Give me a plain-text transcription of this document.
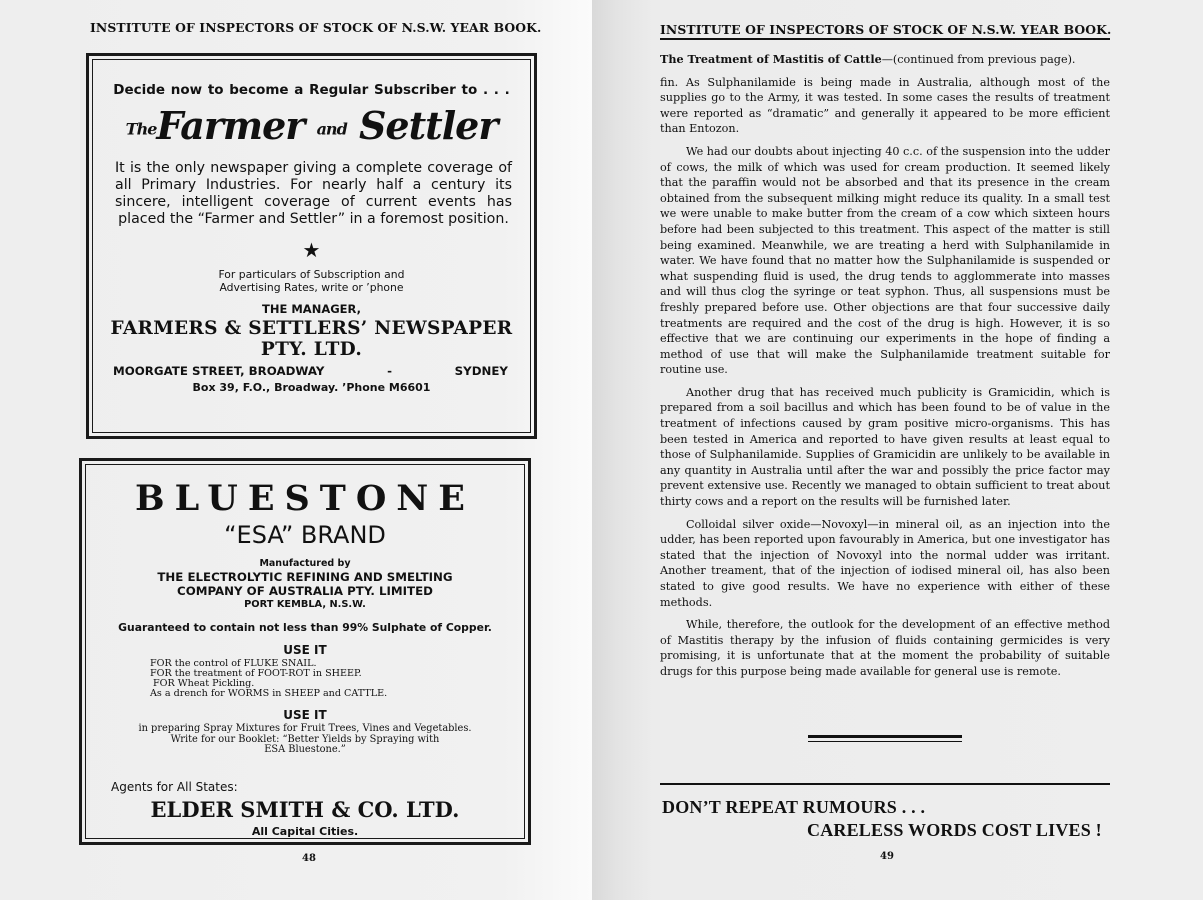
INSTITUTE OF INSPECTORS OF STOCK OF N.S.W. YEAR BOOK.
Decide now to become a Regular Subscriber to . . .
TheFarmer and Settler
It is the only newspaper giving a complete coverage of all Primary Industries. For nearly half a century its sincere, intelligent coverage of current events has placed the “Farmer and Settler” in a foremost position.
★
For particulars of Subscription and
Advertising Rates, write or ’phone
THE MANAGER,
FARMERS & SETTLERS’ NEWSPAPER
PTY. LTD.
MOORGATE STREET, BROADWAY	-	SYDNEY
Box 39, F.O., Broadway. ’Phone M6601
BLUESTONE
“ESA” BRAND
Manufactured by
THE ELECTROLYTIC REFINING AND SMELTING
COMPANY OF AUSTRALIA PTY. LIMITED
PORT KEMBLA, N.S.W.
Guaranteed to contain not less than 99% Sulphate of Copper.
USE IT
FOR the control of FLUKE SNAIL.
FOR the treatment of FOOT-ROT in SHEEP.
FOR Wheat Pickling.
As a drench for WORMS in SHEEP and CATTLE.
USE IT
in preparing Spray Mixtures for Fruit Trees, Vines and Vegetables.
Write for our Booklet: “Better Yields by Spraying with
ESA Bluestone.”
Agents for All States:
ELDER SMITH & CO. LTD.
All Capital Cities.
48
INSTITUTE OF INSPECTORS OF STOCK OF N.S.W. YEAR BOOK.

The Treatment of Mastitis of Cattle—(continued from previous page).

fin. As Sulphanilamide is being made in Australia, although most of the supplies go to the Army, it was tested. In some cases the results of treatment were reported as “dramatic” and generally it appeared to be more efficient than Entozon.

We had our doubts about injecting 40 c.c. of the suspension into the udder of cows, the milk of which was used for cream production. It seemed likely that the paraffin would not be absorbed and that its presence in the cream obtained from the subsequent milking might reduce its quality. In a small test we were unable to make butter from the cream of a cow which sixteen hours before had been subjected to this treatment. This aspect of the matter is still being examined. Meanwhile, we are treating a herd with Sulphanilamide in water. We have found that no matter how the Sulphanilamide is suspended or what suspending fluid is used, the drug tends to agglommerate into masses and will thus clog the syringe or teat syphon. Thus, all suspensions must be freshly prepared before use. Other objections are that four successive daily treatments are required and the cost of the drug is high. However, it is so effective that we are continuing our experiments in the hope of finding a method of use that will make the Sulphanilamide treatment suitable for routine use.

Another drug that has received much publicity is Gramicidin, which is prepared from a soil bacillus and which has been found to be of value in the treatment of infections caused by gram positive micro-organisms. This has been tested in America and reported to have given results at least equal to those of Sulphanilamide. Supplies of Gramicidin are unlikely to be available in any quantity in Australia until after the war and possibly the price factor may prevent extensive use. Recently we managed to obtain sufficient to treat about thirty cows and a report on the results will be furnished later.

Colloidal silver oxide—Novoxyl—in mineral oil, as an injection into the udder, has been reported upon favourably in America, but one investigator has stated that the injection of Novoxyl into the normal udder was irritant. Another treament, that of the injection of iodised mineral oil, has also been stated to give good results. We have no experience with either of these methods.

While, therefore, the outlook for the development of an effective method of Mastitis therapy by the infusion of fluids containing germicides is very promising, it is unfortunate that at the moment the probability of suitable drugs for this purpose being made available for general use is remote.

DON’T REPEAT RUMOURS . . .
CARELESS WORDS COST LIVES !
49
